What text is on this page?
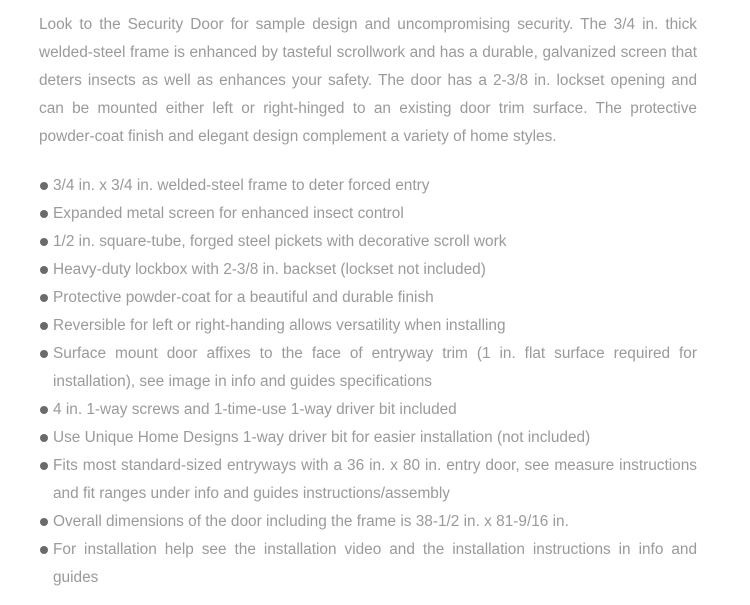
Look to the Security Door for sample design and uncompromising security. The 3/4 in. thick welded-steel frame is enhanced by tasteful scrollwork and has a durable, galvanized screen that deters insects as well as enhances your safety. The door has a 2-3/8 in. lockset opening and can be mounted either left or right-hinged to an existing door trim surface. The protective powder-coat finish and elegant design complement a variety of home styles.

3/4 in. x 3/4 in. welded-steel frame to deter forced entry
Expanded metal screen for enhanced insect control
1/2 in. square-tube, forged steel pickets with decorative scroll work
Heavy-duty lockbox with 2-3/8 in. backset (lockset not included)
Protective powder-coat for a beautiful and durable finish
Reversible for left or right-handing allows versatility when installing
Surface mount door affixes to the face of entryway trim (1 in. flat surface required for installation), see image in info and guides specifications
4 in. 1-way screws and 1-time-use 1-way driver bit included
Use Unique Home Designs 1-way driver bit for easier installation (not included)
Fits most standard-sized entryways with a 36 in. x 80 in. entry door, see measure instructions and fit ranges under info and guides instructions/assembly
Overall dimensions of the door including the frame is 38-1/2 in. x 81-9/16 in.
For installation help see the installation video and the installation instructions in info and guides
